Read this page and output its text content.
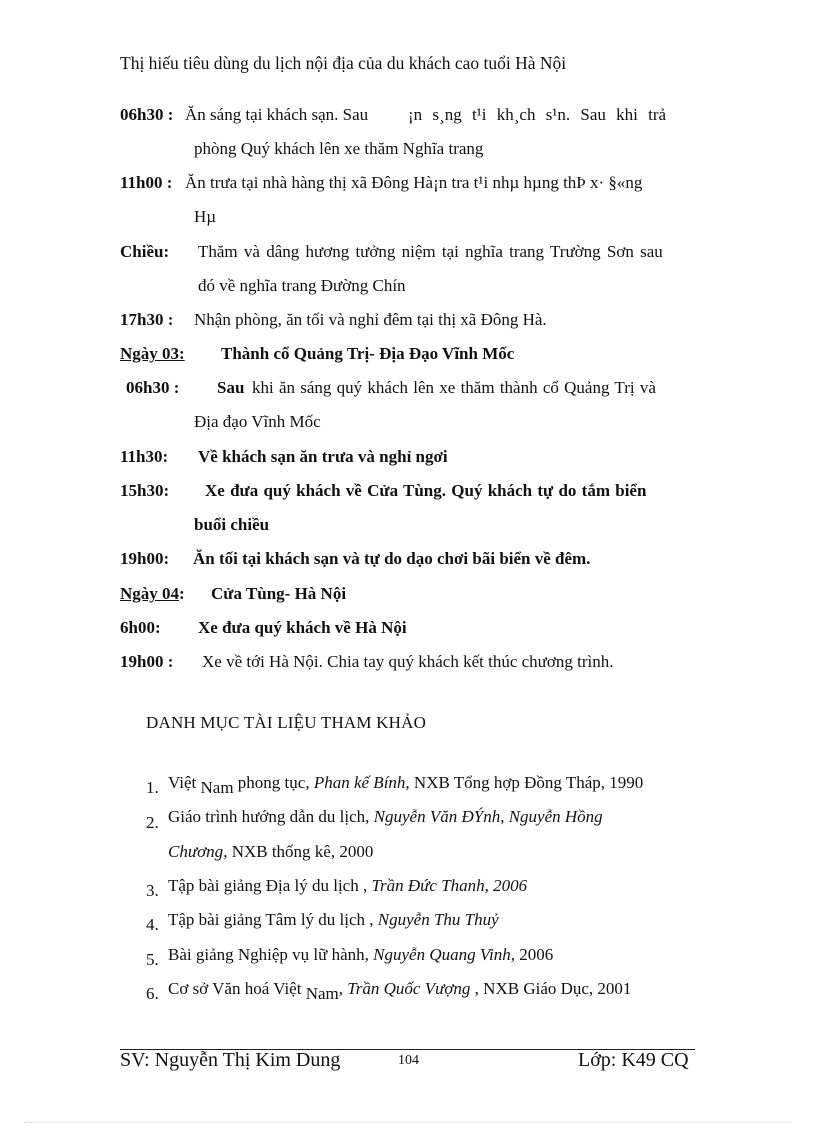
Thị hiếu tiêu dùng du lịch nội địa của du khách cao tuổi Hà Nội
06h30 : Ăn sáng tại khách sạn. Sau ¡n s¸ng t¹i kh¸ch s¹n. Sau khi trả
phòng Quý khách lên xe thăm Nghĩa trang
11h00 : Ăn trưa tại nhà hàng thị xã Đông Hà¡n tra t¹i nhµ hµng thÞ x· §«ng
Hµ
Chiều: Thăm và dâng hương tưởng niệm tại nghĩa trang Trường Sơn sau
đó về nghĩa trang Đường Chín
17h30 : Nhận phòng, ăn tối và nghỉ đêm tại thị xã Đông Hà.
Ngày 03: Thành cổ Quảng Trị- Địa Đạo Vĩnh Mốc
06h30 : Sau khi ăn sáng quý khách lên xe thăm thành cổ Quảng Trị và
Địa đạo Vĩnh Mốc
11h30: Về khách sạn ăn trưa và nghỉ ngơi
15h30: Xe đưa quý khách về Cửa Tùng. Quý khách tự do tắm biển
buổi chiều
19h00: Ăn tối tại khách sạn và tự do dạo chơi bãi biển về đêm.
Ngày 04: Cửa Tùng- Hà Nội
6h00: Xe đưa quý khách về Hà Nội
19h00 : Xe về tới Hà Nội. Chia tay quý khách kết thúc chương trình.
DANH MỤC TÀI LIỆU THAM KHẢO
1. Việt Nam phong tục, Phan kế Bính, NXB Tổng hợp Đồng Tháp, 1990
2. Giáo trình hướng dẫn du lịch, Nguyễn Văn ĐÝnh, Nguyễn Hồng
Chương, NXB thống kê, 2000
3. Tập bài giảng Địa lý du lịch , Trần Đức Thanh, 2006
4. Tập bài giảng Tâm lý du lịch , Nguyễn Thu Thuỷ
5. Bài giảng Nghiệp vụ lữ hành, Nguyễn Quang Vinh, 2006
6. Cơ sở Văn hoá Việt Nam, Trần Quốc Vượng , NXB Giáo Dục, 2001
SV: Nguyễn Thị Kim Dung	104	Lớp: K49 CQ
